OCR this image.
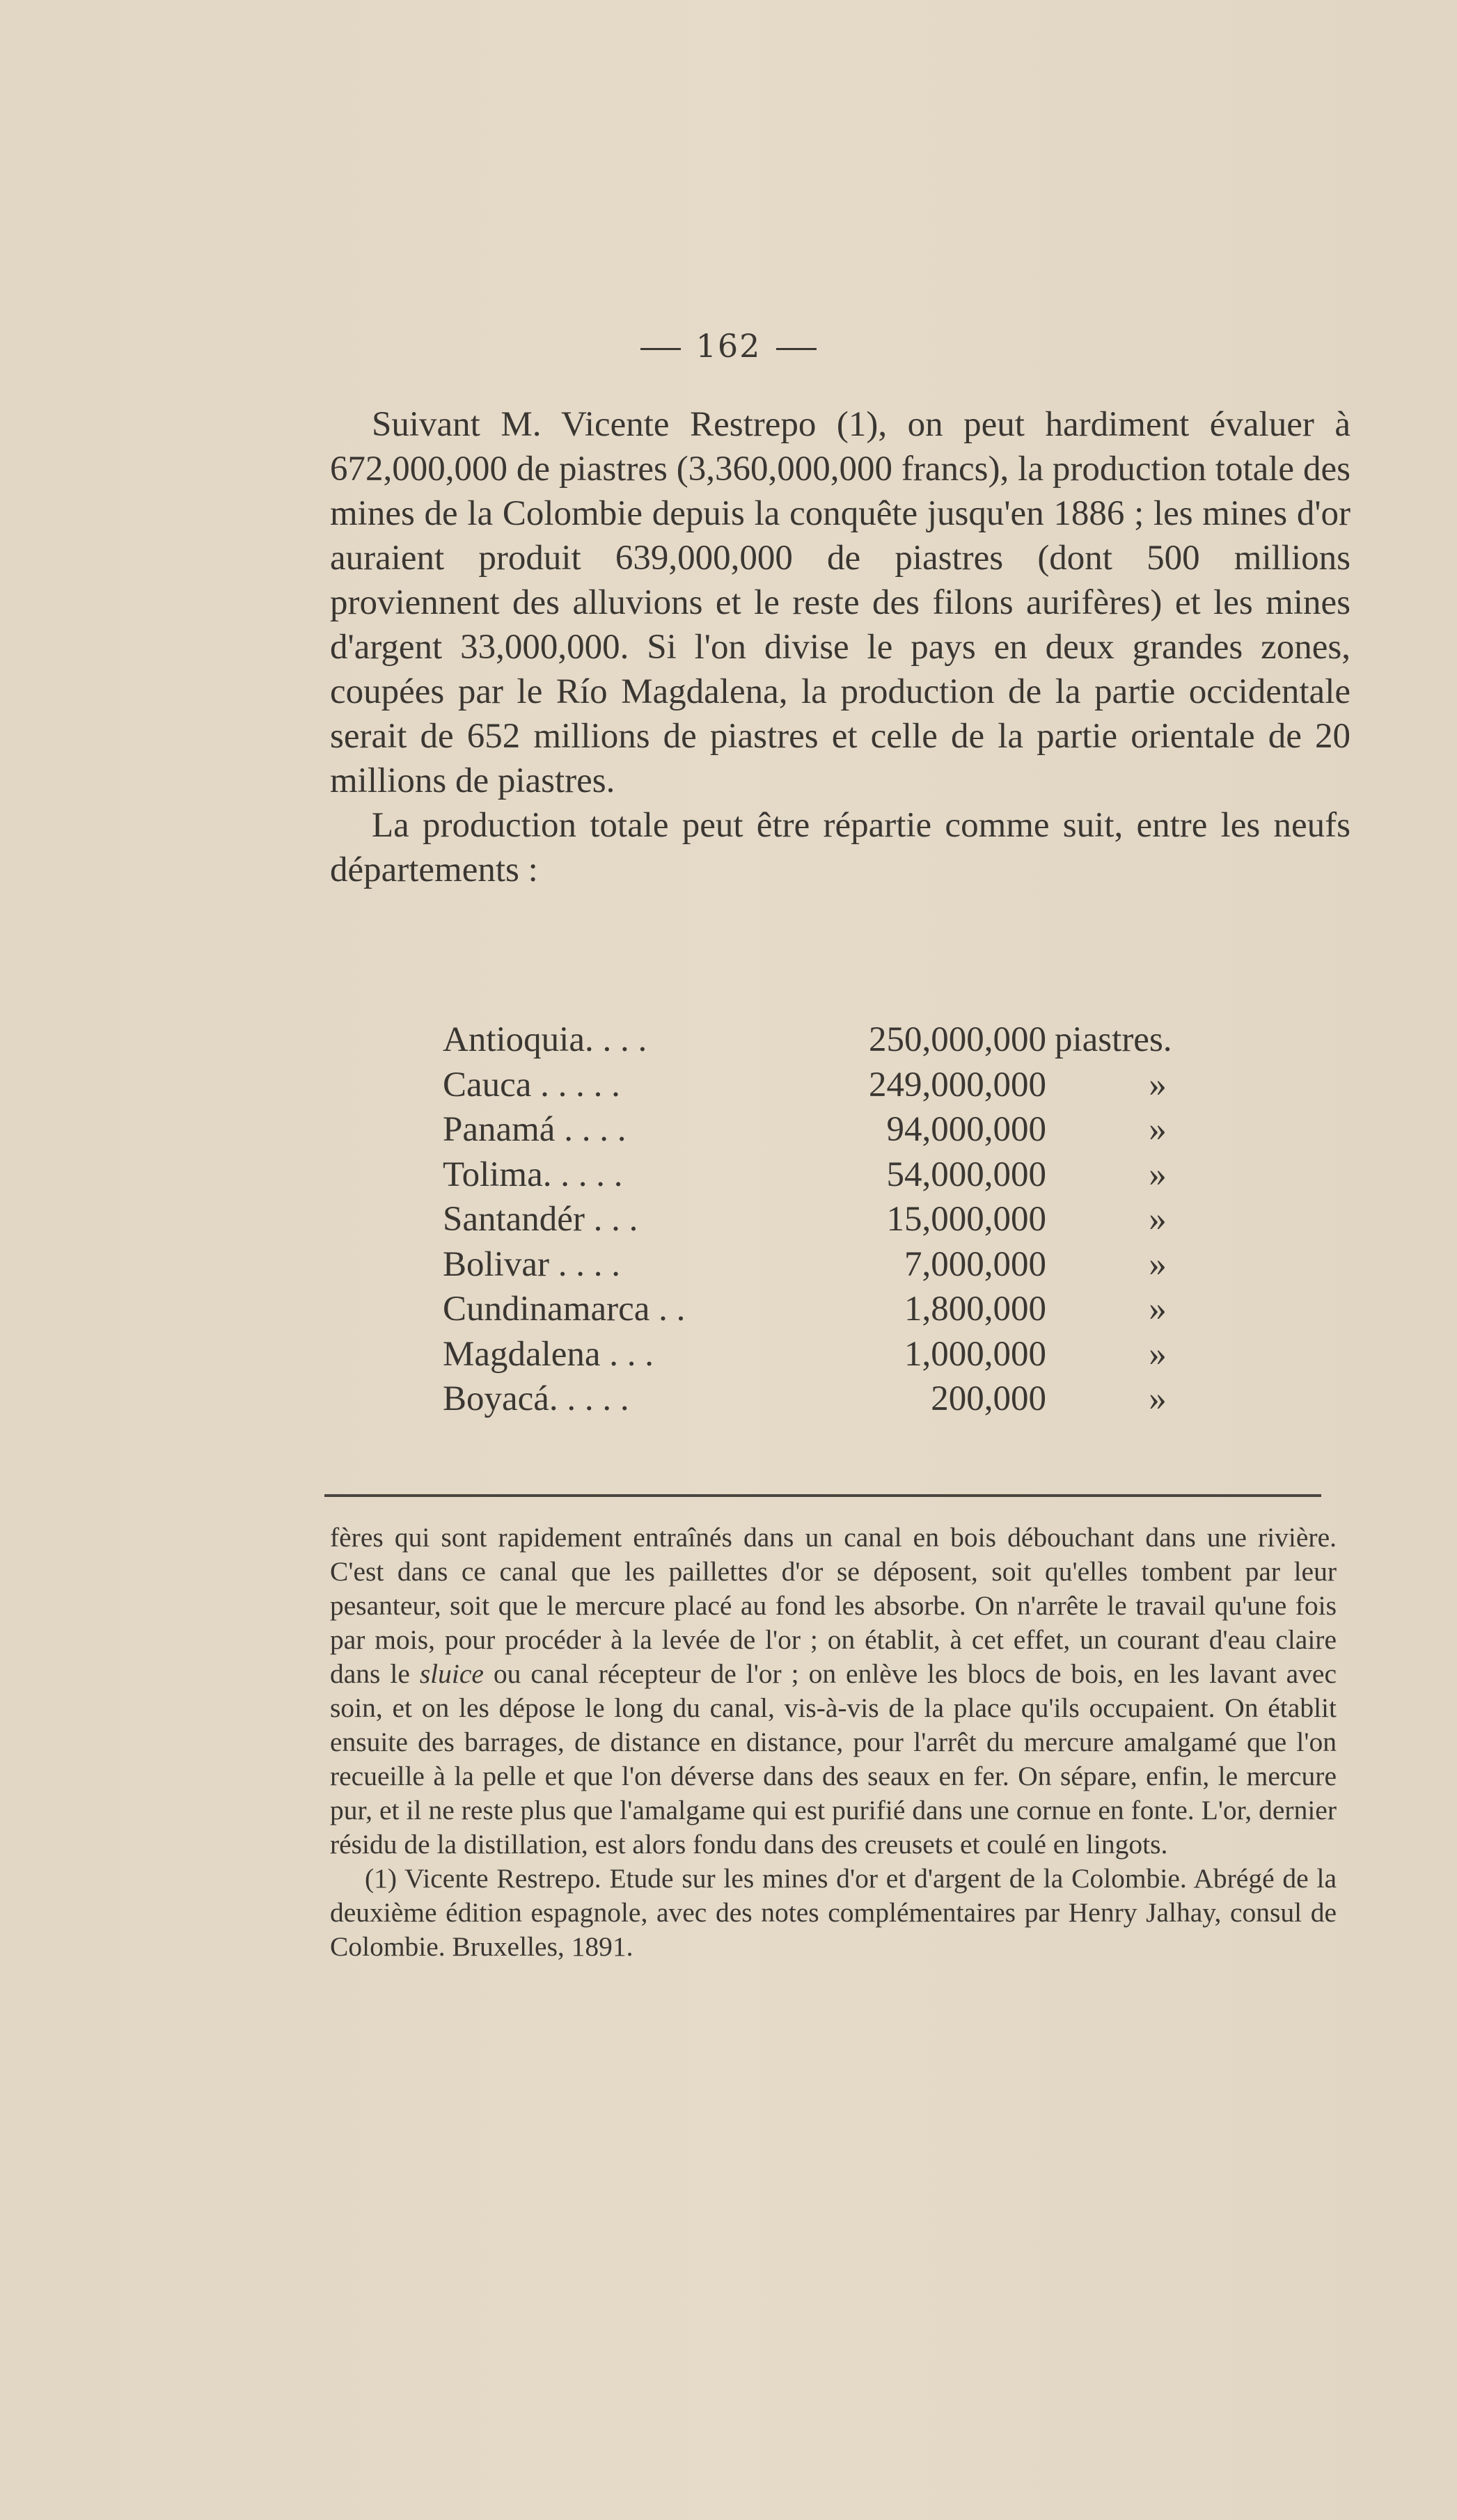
162

Suivant M. Vicente Restrepo (1), on peut hardiment évaluer à 672,000,000 de piastres (3,360,000,000 francs), la production totale des mines de la Colombie depuis la conquête jusqu'en 1886 ; les mines d'or auraient produit 639,000,000 de piastres (dont 500 millions proviennent des alluvions et le reste des filons aurifères) et les mines d'argent 33,000,000. Si l'on divise le pays en deux grandes zones, coupées par le Río Magdalena, la production de la partie occidentale serait de 652 millions de piastres et celle de la partie orientale de 20 millions de piastres.

La production totale peut être répartie comme suit, entre les neufs départements :

Antioquia. . . .	250,000,000 piastres.
Cauca . . . . .	249,000,000	»
Panamá . . . .	94,000,000	»
Tolima. . . . .	54,000,000	»
Santandér . . .	15,000,000	»
Bolivar . . . .	7,000,000	»
Cundinamarca . .	1,800,000	»
Magdalena . . .	1,000,000	»
Boyacá. . . . .	200,000	»

fères qui sont rapidement entraînés dans un canal en bois débouchant dans une rivière. C'est dans ce canal que les paillettes d'or se déposent, soit qu'elles tombent par leur pesanteur, soit que le mercure placé au fond les absorbe. On n'arrête le travail qu'une fois par mois, pour procéder à la levée de l'or ; on établit, à cet effet, un courant d'eau claire dans le sluice ou canal récepteur de l'or ; on enlève les blocs de bois, en les lavant avec soin, et on les dépose le long du canal, vis-à-vis de la place qu'ils occupaient. On établit ensuite des barrages, de distance en distance, pour l'arrêt du mercure amalgamé que l'on recueille à la pelle et que l'on déverse dans des seaux en fer. On sépare, enfin, le mercure pur, et il ne reste plus que l'amalgame qui est purifié dans une cornue en fonte. L'or, dernier résidu de la distillation, est alors fondu dans des creusets et coulé en lingots.

(1) Vicente Restrepo. Etude sur les mines d'or et d'argent de la Colombie. Abrégé de la deuxième édition espagnole, avec des notes complémentaires par Henry Jalhay, consul de Colombie. Bruxelles, 1891.
